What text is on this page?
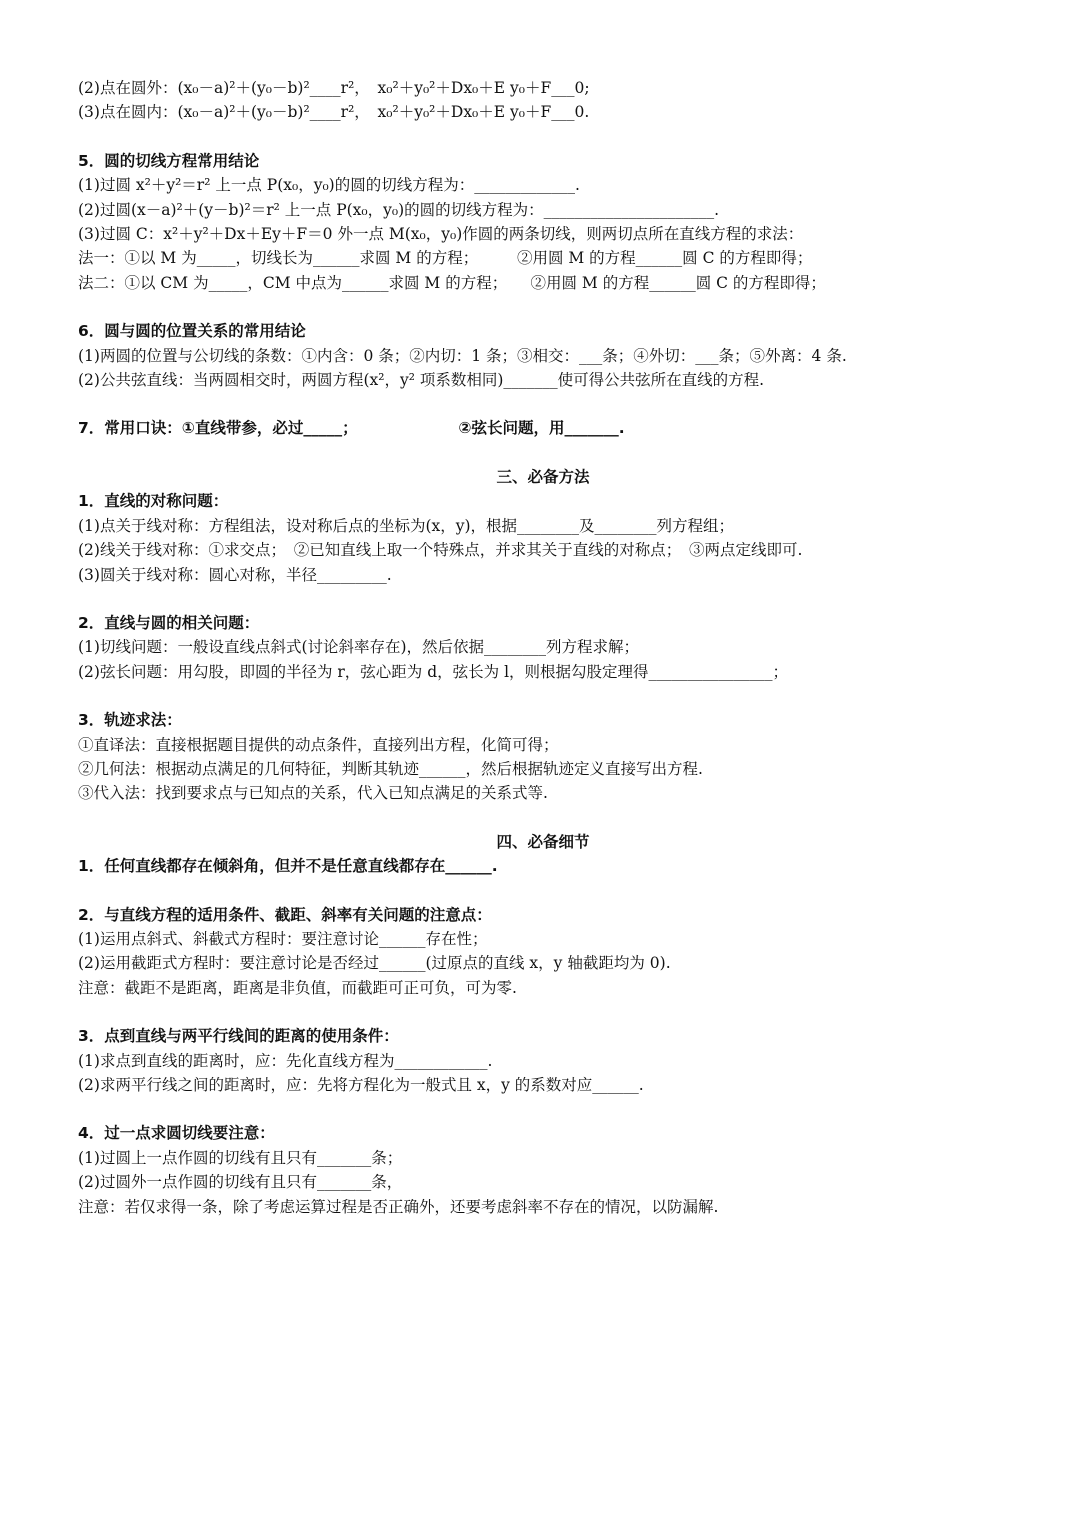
(2)点在圆外：(x₀－a)²＋(y₀－b)²____r²，　x₀²＋y₀²＋Dx₀＋E y₀＋F___0;
(3)点在圆内：(x₀－a)²＋(y₀－b)²____r²，　x₀²＋y₀²＋Dx₀＋E y₀＋F___0.
5．圆的切线方程常用结论
(1)过圆 x²＋y²＝r² 上一点 P(x₀，y₀)的圆的切线方程为：_____________.
(2)过圆(x－a)²＋(y－b)²＝r² 上一点 P(x₀，y₀)的圆的切线方程为：______________________.
(3)过圆 C：x²＋y²＋Dx＋Ey＋F＝0 外一点 M(x₀，y₀)作圆的两条切线，则两切点所在直线方程的求法：
法一：①以 M 为_____，切线长为______求圆 M 的方程；　　　②用圆 M 的方程______圆 C 的方程即得；
法二：①以 CM 为_____，CM 中点为______求圆 M 的方程；　　②用圆 M 的方程______圆 C 的方程即得；
6．圆与圆的位置关系的常用结论
(1)两圆的位置与公切线的条数：①内含：0 条；②内切：1 条；③相交：___条；④外切：___条；⑤外离：4 条.
(2)公共弦直线：当两圆相交时，两圆方程(x²，y² 项系数相同)_______使可得公共弦所在直线的方程.
7．常用口诀：①直线带参，必过_____；　　　　　　　②弦长问题，用_______.
三、必备方法
1．直线的对称问题：
(1)点关于线对称：方程组法，设对称后点的坐标为(x，y)，根据________及________列方程组；
(2)线关于线对称：①求交点；　②已知直线上取一个特殊点，并求其关于直线的对称点；　③两点定线即可.
(3)圆关于线对称：圆心对称，半径_________.
2．直线与圆的相关问题：
(1)切线问题：一般设直线点斜式(讨论斜率存在)，然后依据________列方程求解；
(2)弦长问题：用勾股，即圆的半径为 r，弦心距为 d，弦长为 l，则根据勾股定理得________________；
3．轨迹求法：
①直译法：直接根据题目提供的动点条件，直接列出方程，化简可得；
②几何法：根据动点满足的几何特征，判断其轨迹______，然后根据轨迹定义直接写出方程.
③代入法：找到要求点与已知点的关系，代入已知点满足的关系式等.
四、必备细节
1．任何直线都存在倾斜角，但并不是任意直线都存在______.
2．与直线方程的适用条件、截距、斜率有关问题的注意点：
(1)运用点斜式、斜截式方程时：要注意讨论______存在性；
(2)运用截距式方程时：要注意讨论是否经过______(过原点的直线 x，y 轴截距均为 0).
注意：截距不是距离，距离是非负值，而截距可正可负，可为零.
3．点到直线与两平行线间的距离的使用条件：
(1)求点到直线的距离时，应：先化直线方程为____________.
(2)求两平行线之间的距离时，应：先将方程化为一般式且 x，y 的系数对应______.
4．过一点求圆切线要注意：
(1)过圆上一点作圆的切线有且只有_______条；
(2)过圆外一点作圆的切线有且只有_______条，
注意：若仅求得一条，除了考虑运算过程是否正确外，还要考虑斜率不存在的情况，以防漏解.
